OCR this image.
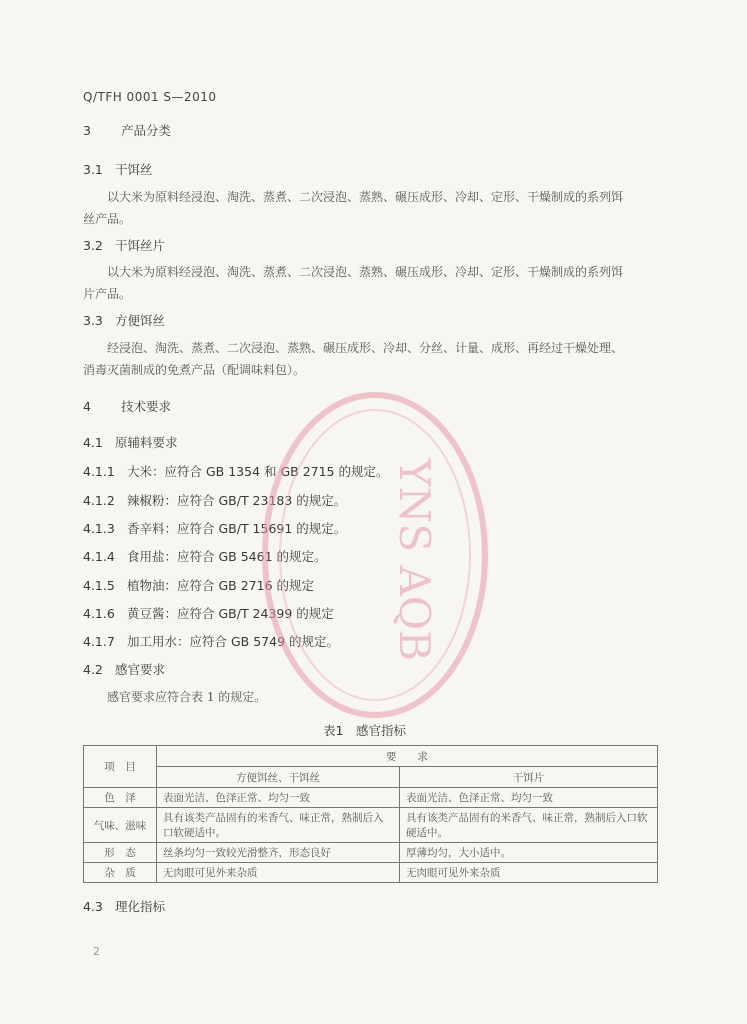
Q/TFH 0001 S—2010
3 产品分类
3.1 干饵丝

以大米为原料经浸泡、淘洗、蒸煮、二次浸泡、蒸熟、碾压成形、冷却、定形、干燥制成的系列饵

丝产品。
3.2 干饵丝片

以大米为原料经浸泡、淘洗、蒸煮、二次浸泡、蒸熟、碾压成形、冷却、定形、干燥制成的系列饵

片产品。
3.3 方便饵丝

经浸泡、淘洗、蒸煮、二次浸泡、蒸熟、碾压成形、冷却、分丝、计量、成形、再经过干燥处理、

消毒灭菌制成的免煮产品（配调味料包）。
4 技术要求
4.1 原辅料要求
4.1.1 大米：应符合 GB 1354 和 GB 2715 的规定。
4.1.2 辣椒粉：应符合 GB/T 23183 的规定。
4.1.3 香辛料：应符合 GB/T 15691 的规定。
4.1.4 食用盐：应符合 GB 5461 的规定。
4.1.5 植物油：应符合 GB 2716 的规定
4.1.6 黄豆酱：应符合 GB/T 24399 的规定
4.1.7 加工用水：应符合 GB 5749 的规定。
4.2 感官要求

感官要求应符合表 1 的规定。

表1　感官指标
项　目	要　　求	
	方便饵丝、干饵丝	干饵片
色　泽	表面光洁、色泽正常、均匀一致	表面光洁、色泽正常、均匀一致
气味、滋味	具有该类产品固有的米香气、味正常，熟制后入口软硬适中。	具有该类产品固有的米香气、味正常，熟制后入口软硬适中。
形　态	丝条均匀一致较光滑整齐，形态良好	厚薄均匀，大小适中。
杂　质	无肉眼可见外来杂质	无肉眼可见外来杂质
4.3 理化指标
2
YNS AQB
